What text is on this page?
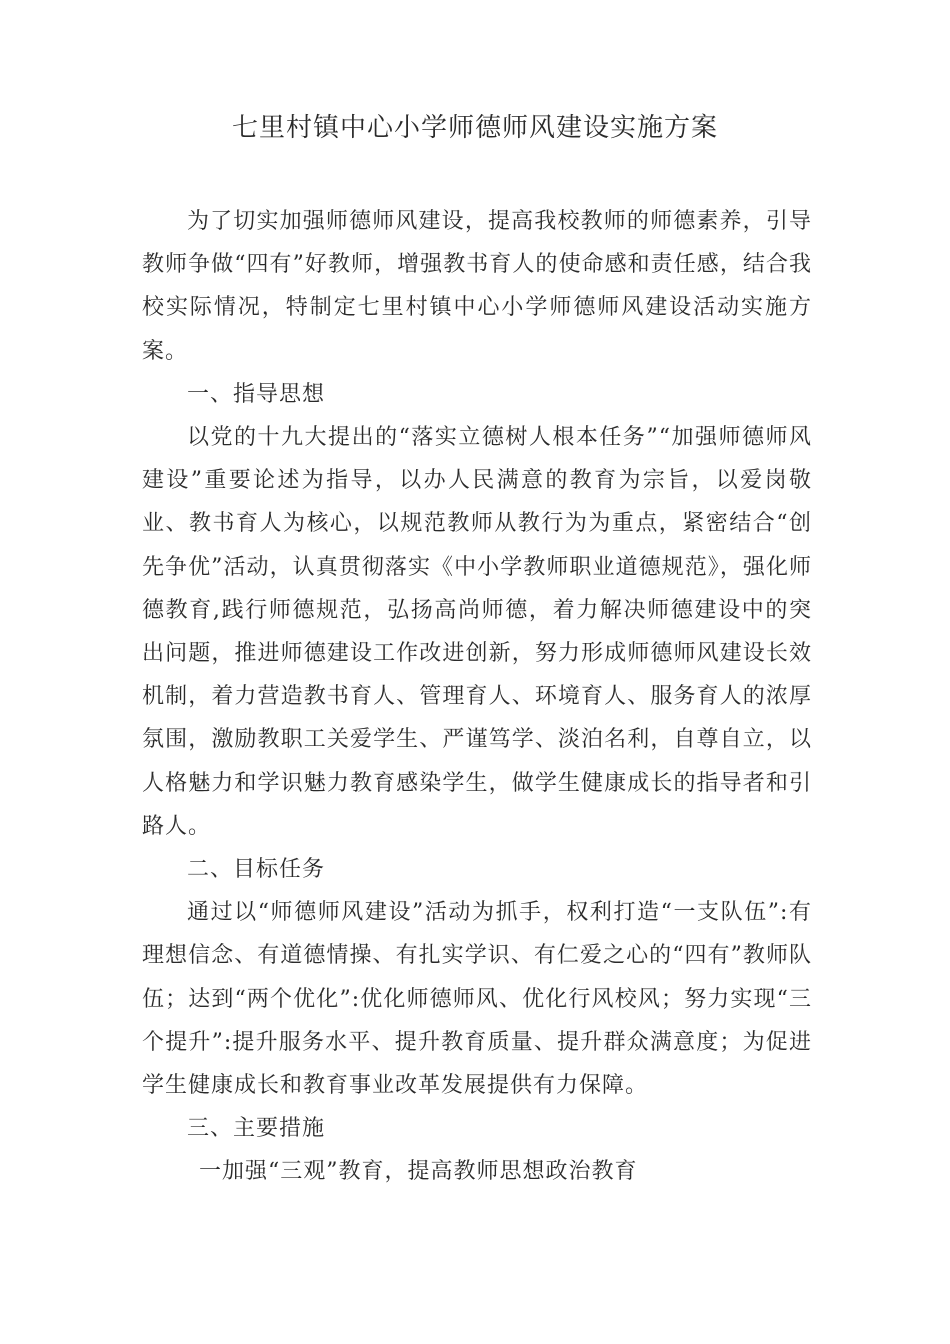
七里村镇中心小学师德师风建设实施方案

为了切实加强师德师风建设，提高我校教师的师德素养，引导教师争做“四有”好教师，增强教书育人的使命感和责任感，结合我校实际情况，特制定七里村镇中心小学师德师风建设活动实施方案。

一、指导思想

以党的十九大提出的“落实立德树人根本任务”“加强师德师风建设”重要论述为指导，以办人民满意的教育为宗旨，以爱岗敬业、教书育人为核心，以规范教师从教行为为重点，紧密结合“创先争优”活动，认真贯彻落实《中小学教师职业道德规范》，强化师德教育,践行师德规范，弘扬高尚师德，着力解决师德建设中的突出问题，推进师德建设工作改进创新，努力形成师德师风建设长效机制，着力营造教书育人、管理育人、环境育人、服务育人的浓厚氛围，激励教职工关爱学生、严谨笃学、淡泊名利，自尊自立，以人格魅力和学识魅力教育感染学生，做学生健康成长的指导者和引路人。

二、目标任务

通过以“师德师风建设”活动为抓手，权利打造“一支队伍”:有理想信念、有道德情操、有扎实学识、有仁爱之心的“四有”教师队伍；达到“两个优化”:优化师德师风、优化行风校风；努力实现“三个提升”:提升服务水平、提升教育质量、提升群众满意度；为促进学生健康成长和教育事业改革发展提供有力保障。

三、主要措施

一加强“三观”教育，提高教师思想政治教育
